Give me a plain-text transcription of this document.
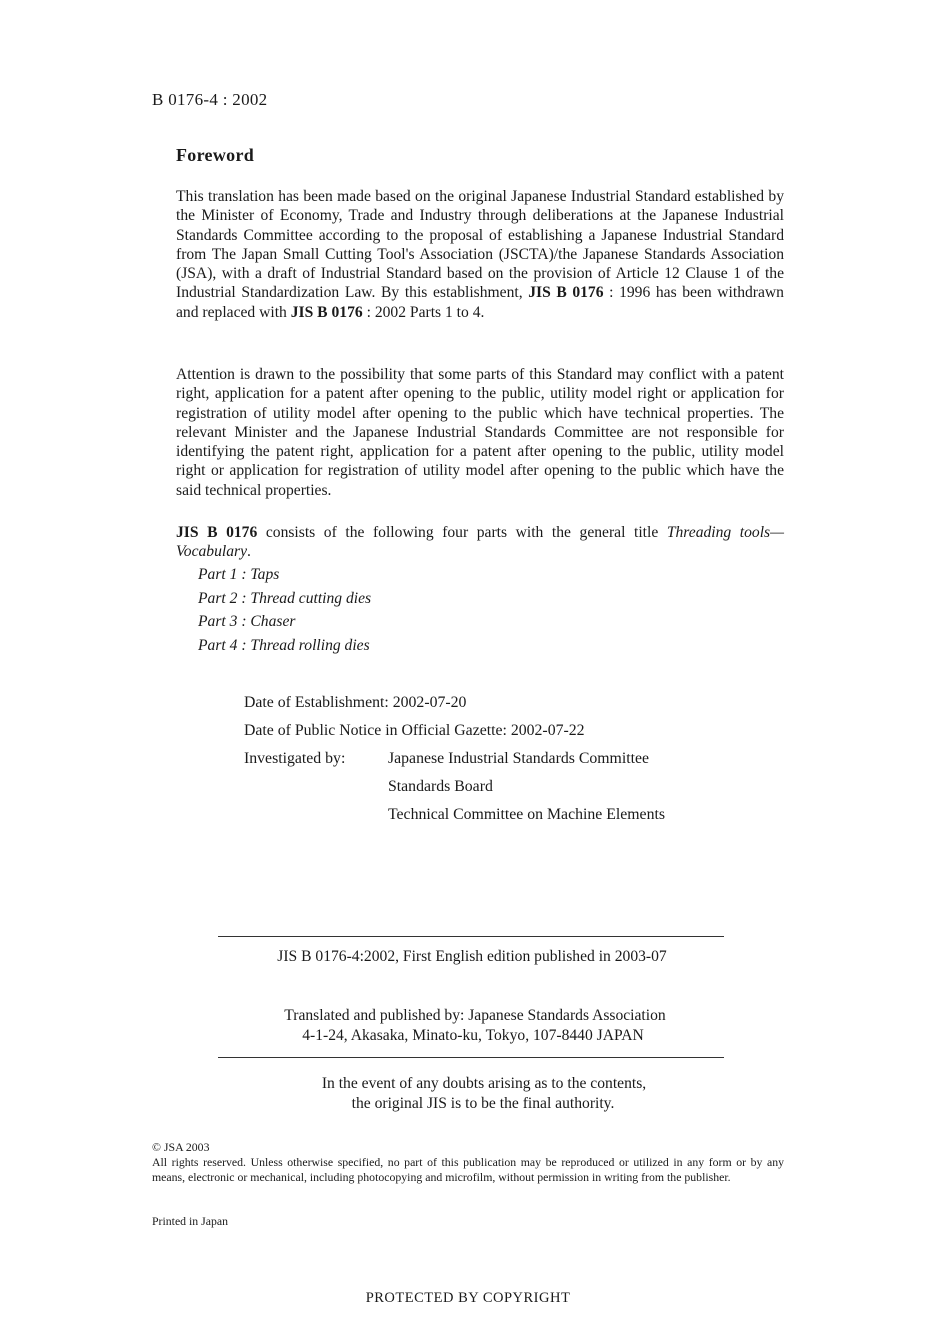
B 0176-4 : 2002
Foreword

This translation has been made based on the original Japanese Industrial Standard established by the Minister of Economy, Trade and Industry through deliberations at the Japanese Industrial Standards Committee according to the proposal of establishing a Japanese Industrial Standard from The Japan Small Cutting Tool's Association (JSCTA)/the Japanese Standards Association (JSA), with a draft of Industrial Standard based on the provision of Article 12 Clause 1 of the Industrial Standardization Law. By this establishment, JIS B 0176 : 1996 has been withdrawn and replaced with JIS B 0176 : 2002 Parts 1 to 4.

Attention is drawn to the possibility that some parts of this Standard may conflict with a patent right, application for a patent after opening to the public, utility model right or application for registration of utility model after opening to the public which have technical properties. The relevant Minister and the Japanese Industrial Standards Committee are not responsible for identifying the patent right, application for a patent after opening to the public, utility model right or application for registration of utility model after opening to the public which have the said technical properties.

JIS B 0176 consists of the following four parts with the general title Threading tools—Vocabulary.

Part 1 : Taps
Part 2 : Thread cutting dies
Part 3 : Chaser
Part 4 : Thread rolling dies
Date of Establishment: 2002-07-20
Date of Public Notice in Official Gazette: 2002-07-22
Investigated by:	Japanese Industrial Standards Committee
Standards Board
Technical Committee on Machine Elements
JIS B 0176-4:2002, First English edition published in 2003-07
Translated and published by: Japanese Standards Association
4-1-24, Akasaka, Minato-ku, Tokyo, 107-8440 JAPAN
In the event of any doubts arising as to the contents,
the original JIS is to be the final authority.
© JSA 2003
All rights reserved. Unless otherwise specified, no part of this publication may be reproduced or utilized in any form or by any means, electronic or mechanical, including photocopying and microfilm, without permission in writing from the publisher.
Printed in Japan
PROTECTED BY COPYRIGHT
